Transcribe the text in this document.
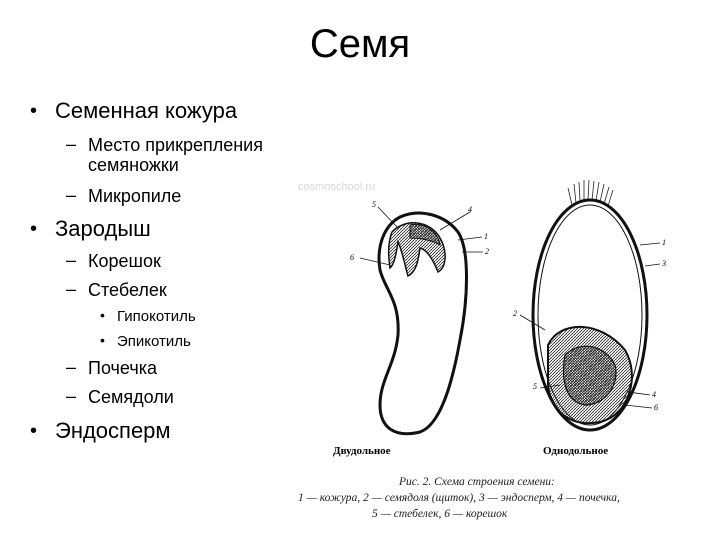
Семя
• Семенная кожура
– Место прикрепления
семяножки
– Микропиле
• Зародыш
– Корешок
– Стебелек
• Гипокотиль
• Эпикотиль
– Почечка
– Семядоли
• Эндосперм
cosmoschool.ru
6
5
4
1
2
1
3
2
5
4
6
Двудольное	Однодольное
Рис. 2. Схема строения семени:
1 — кожура, 2 — семядоля (щиток), 3 — эндосперм, 4 — почечка,
5 — стебелек, 6 — корешок
